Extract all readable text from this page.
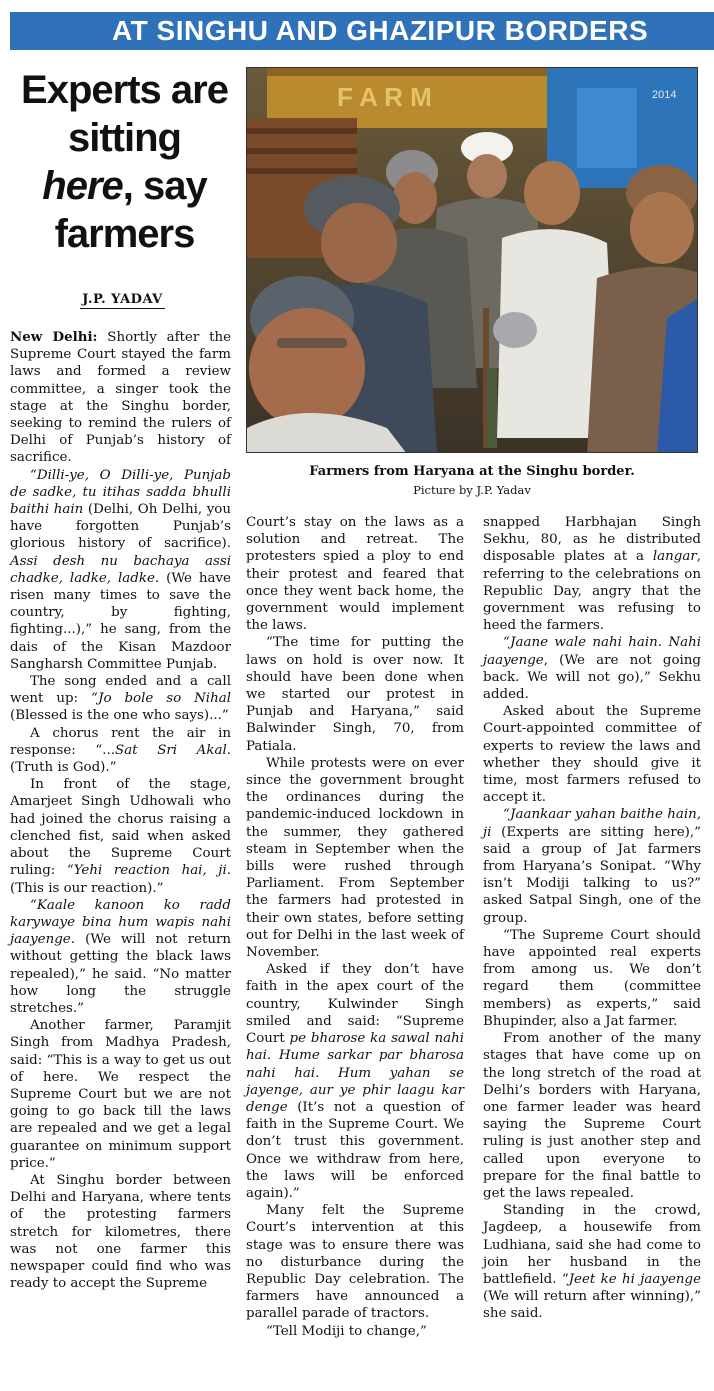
AT SINGHU AND GHAZIPUR BORDERS
Experts are sitting
here, say farmers
J.P. YADAV
F A R M	2014
Farmers from Haryana at the Singhu border.
Picture by J.P. Yadav

New Delhi: Shortly after the Supreme Court stayed the farm laws and formed a review committee, a singer took the stage at the Singhu border, seeking to remind the rulers of Delhi of Punjab’s history of sacrifice.

“Dilli-ye, O Dilli-ye, Punjab de sadke, tu itihas sadda bhulli baithi hain (Delhi, Oh Delhi, you have forgotten Punjab’s glorious history of sacrifice). Assi desh nu bachaya assi chadke, ladke, ladke. (We have risen many times to save the country, by fighting, fighting...),” he sang, from the dais of the Kisan Mazdoor Sangharsh Committee Punjab.

The song ended and a call went up: “Jo bole so Nihal (Blessed is the one who says)...”

A chorus rent the air in response: “...Sat Sri Akal. (Truth is God).”

In front of the stage, Amarjeet Singh Udhowali who had joined the chorus raising a clenched fist, said when asked about the Supreme Court ruling: “Yehi reaction hai, ji. (This is our reaction).”

“Kaale kanoon ko radd karywaye bina hum wapis nahi jaayenge. (We will not return without getting the black laws repealed),” he said. “No matter how long the struggle stretches.”

Another farmer, Paramjit Singh from Madhya Pradesh, said: “This is a way to get us out of here. We respect the Supreme Court but we are not going to go back till the laws are repealed and we get a legal guarantee on minimum support price.”

At Singhu border between Delhi and Haryana, where tents of the protesting farmers stretch for kilometres, there was not one farmer this newspaper could find who was ready to accept the Supreme

Court’s stay on the laws as a solution and retreat. The protesters spied a ploy to end their protest and feared that once they went back home, the government would implement the laws.

“The time for putting the laws on hold is over now. It should have been done when we started our protest in Punjab and Haryana,” said Balwinder Singh, 70, from Patiala.

While protests were on ever since the government brought the ordinances during the pandemic-induced lockdown in the summer, they gathered steam in September when the bills were rushed through Parliament. From September the farmers had protested in their own states, before setting out for Delhi in the last week of November.

Asked if they don’t have faith in the apex court of the country, Kulwinder Singh smiled and said: “Supreme Court pe bharose ka sawal nahi hai. Hume sarkar par bharosa nahi hai. Hum yahan se jayenge, aur ye phir laagu kar denge (It’s not a question of faith in the Supreme Court. We don’t trust this government. Once we withdraw from here, the laws will be enforced again).”

Many felt the Supreme Court’s intervention at this stage was to ensure there was no disturbance during the Republic Day celebration. The farmers have announced a parallel parade of tractors.

“Tell Modiji to change,”

snapped Harbhajan Singh Sekhu, 80, as he distributed disposable plates at a langar, referring to the celebrations on Republic Day, angry that the government was refusing to heed the farmers.

“Jaane wale nahi hain. Nahi jaayenge, (We are not going back. We will not go),” Sekhu added.

Asked about the Supreme Court-appointed committee of experts to review the laws and whether they should give it time, most farmers refused to accept it.

“Jaankaar yahan baithe hain, ji (Experts are sitting here),” said a group of Jat farmers from Haryana’s Sonipat. “Why isn’t Modiji talking to us?” asked Satpal Singh, one of the group.

“The Supreme Court should have appointed real experts from among us. We don’t regard them (committee members) as experts,” said Bhupinder, also a Jat farmer.

From another of the many stages that have come up on the long stretch of the road at Delhi’s borders with Haryana, one farmer leader was heard saying the Supreme Court ruling is just another step and called upon everyone to prepare for the final battle to get the laws repealed.

Standing in the crowd, Jagdeep, a housewife from Ludhiana, said she had come to join her husband in the battlefield. “Jeet ke hi jaayenge (We will return after winning),” she said.
